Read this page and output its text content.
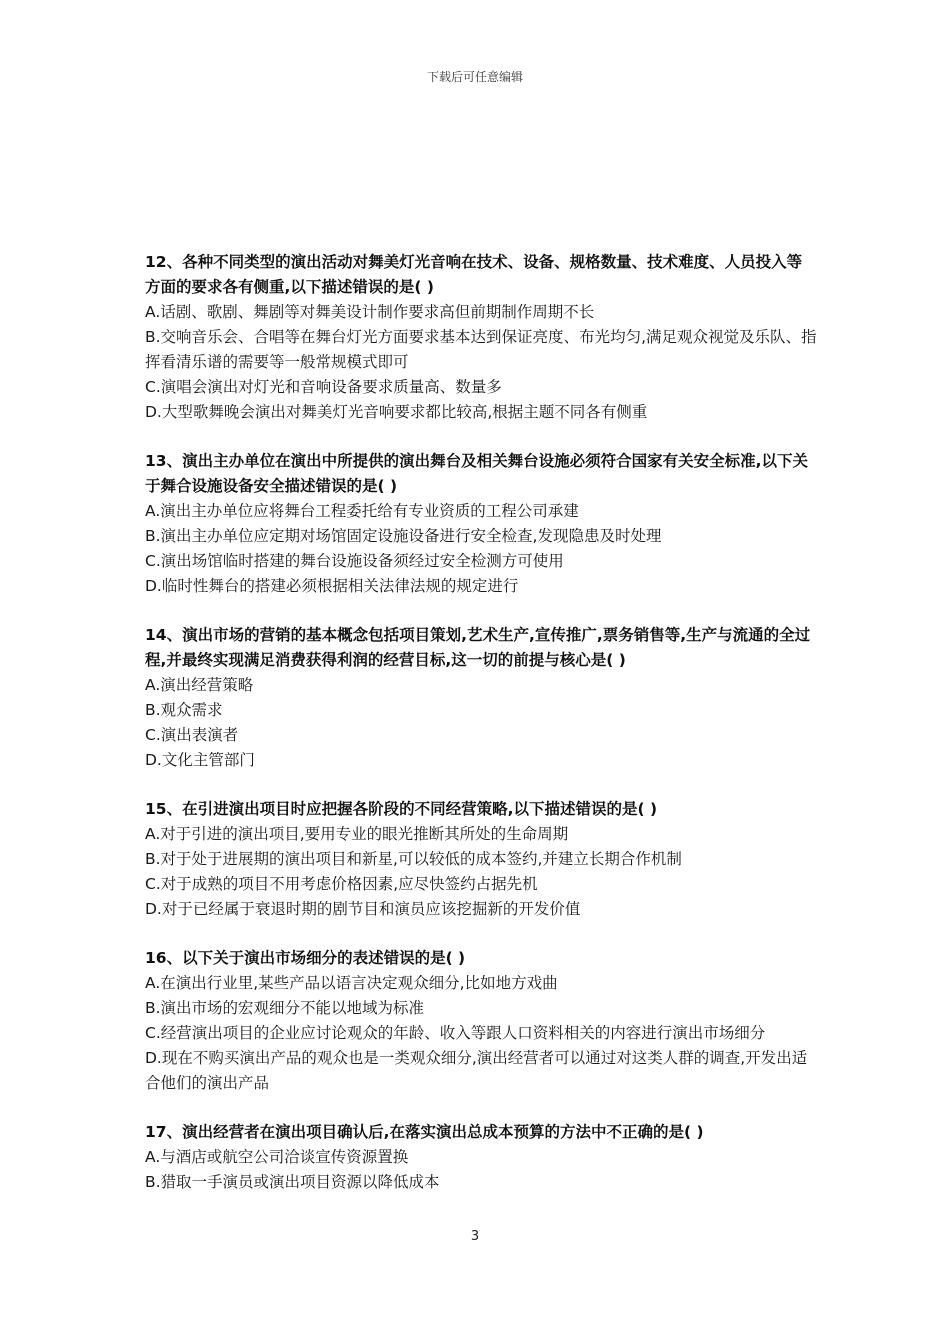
下载后可任意编辑

12、各种不同类型的演出活动对舞美灯光音响在技术、设备、规格数量、技术难度、人员投入等方面的要求各有侧重,以下描述错误的是( )

A.话剧、歌剧、舞剧等对舞美设计制作要求高但前期制作周期不长

B.交响音乐会、合唱等在舞台灯光方面要求基本达到保证亮度、布光均匀,满足观众视觉及乐队、指挥看清乐谱的需要等一般常规模式即可

C.演唱会演出对灯光和音响设备要求质量高、数量多

D.大型歌舞晚会演出对舞美灯光音响要求都比较高,根据主题不同各有侧重

13、演出主办单位在演出中所提供的演出舞台及相关舞台设施必须符合国家有关安全标准,以下关于舞合设施设备安全描述错误的是( )

A.演出主办单位应将舞台工程委托给有专业资质的工程公司承建

B.演出主办单位应定期对场馆固定设施设备进行安全检查,发现隐患及时处理

C.演出场馆临时搭建的舞台设施设备须经过安全检测方可使用

D.临时性舞台的搭建必须根据相关法律法规的规定进行

14、演出市场的营销的基本概念包括项目策划,艺术生产,宣传推广,票务销售等,生产与流通的全过程,并最终实现满足消费获得利润的经营目标,这一切的前提与核心是( )

A.演出经营策略

B.观众需求

C.演出表演者

D.文化主管部门

15、在引进演出项目时应把握各阶段的不同经营策略,以下描述错误的是( )

A.对于引进的演出项目,要用专业的眼光推断其所处的生命周期

B.对于处于进展期的演出项目和新星,可以较低的成本签约,并建立长期合作机制

C.对于成熟的项目不用考虑价格因素,应尽快签约占据先机

D.对于已经属于衰退时期的剧节目和演员应该挖掘新的开发价值

16、以下关于演出市场细分的表述错误的是( )

A.在演出行业里,某些产品以语言决定观众细分,比如地方戏曲

B.演出市场的宏观细分不能以地域为标准

C.经营演出项目的企业应讨论观众的年龄、收入等跟人口资料相关的内容进行演出市场细分

D.现在不购买演出产品的观众也是一类观众细分,演出经营者可以通过对这类人群的调查,开发出适合他们的演出产品

17、演出经营者在演出项目确认后,在落实演出总成本预算的方法中不正确的是( )

A.与酒店或航空公司洽谈宣传资源置换

B.猎取一手演员或演出项目资源以降低成本

3
